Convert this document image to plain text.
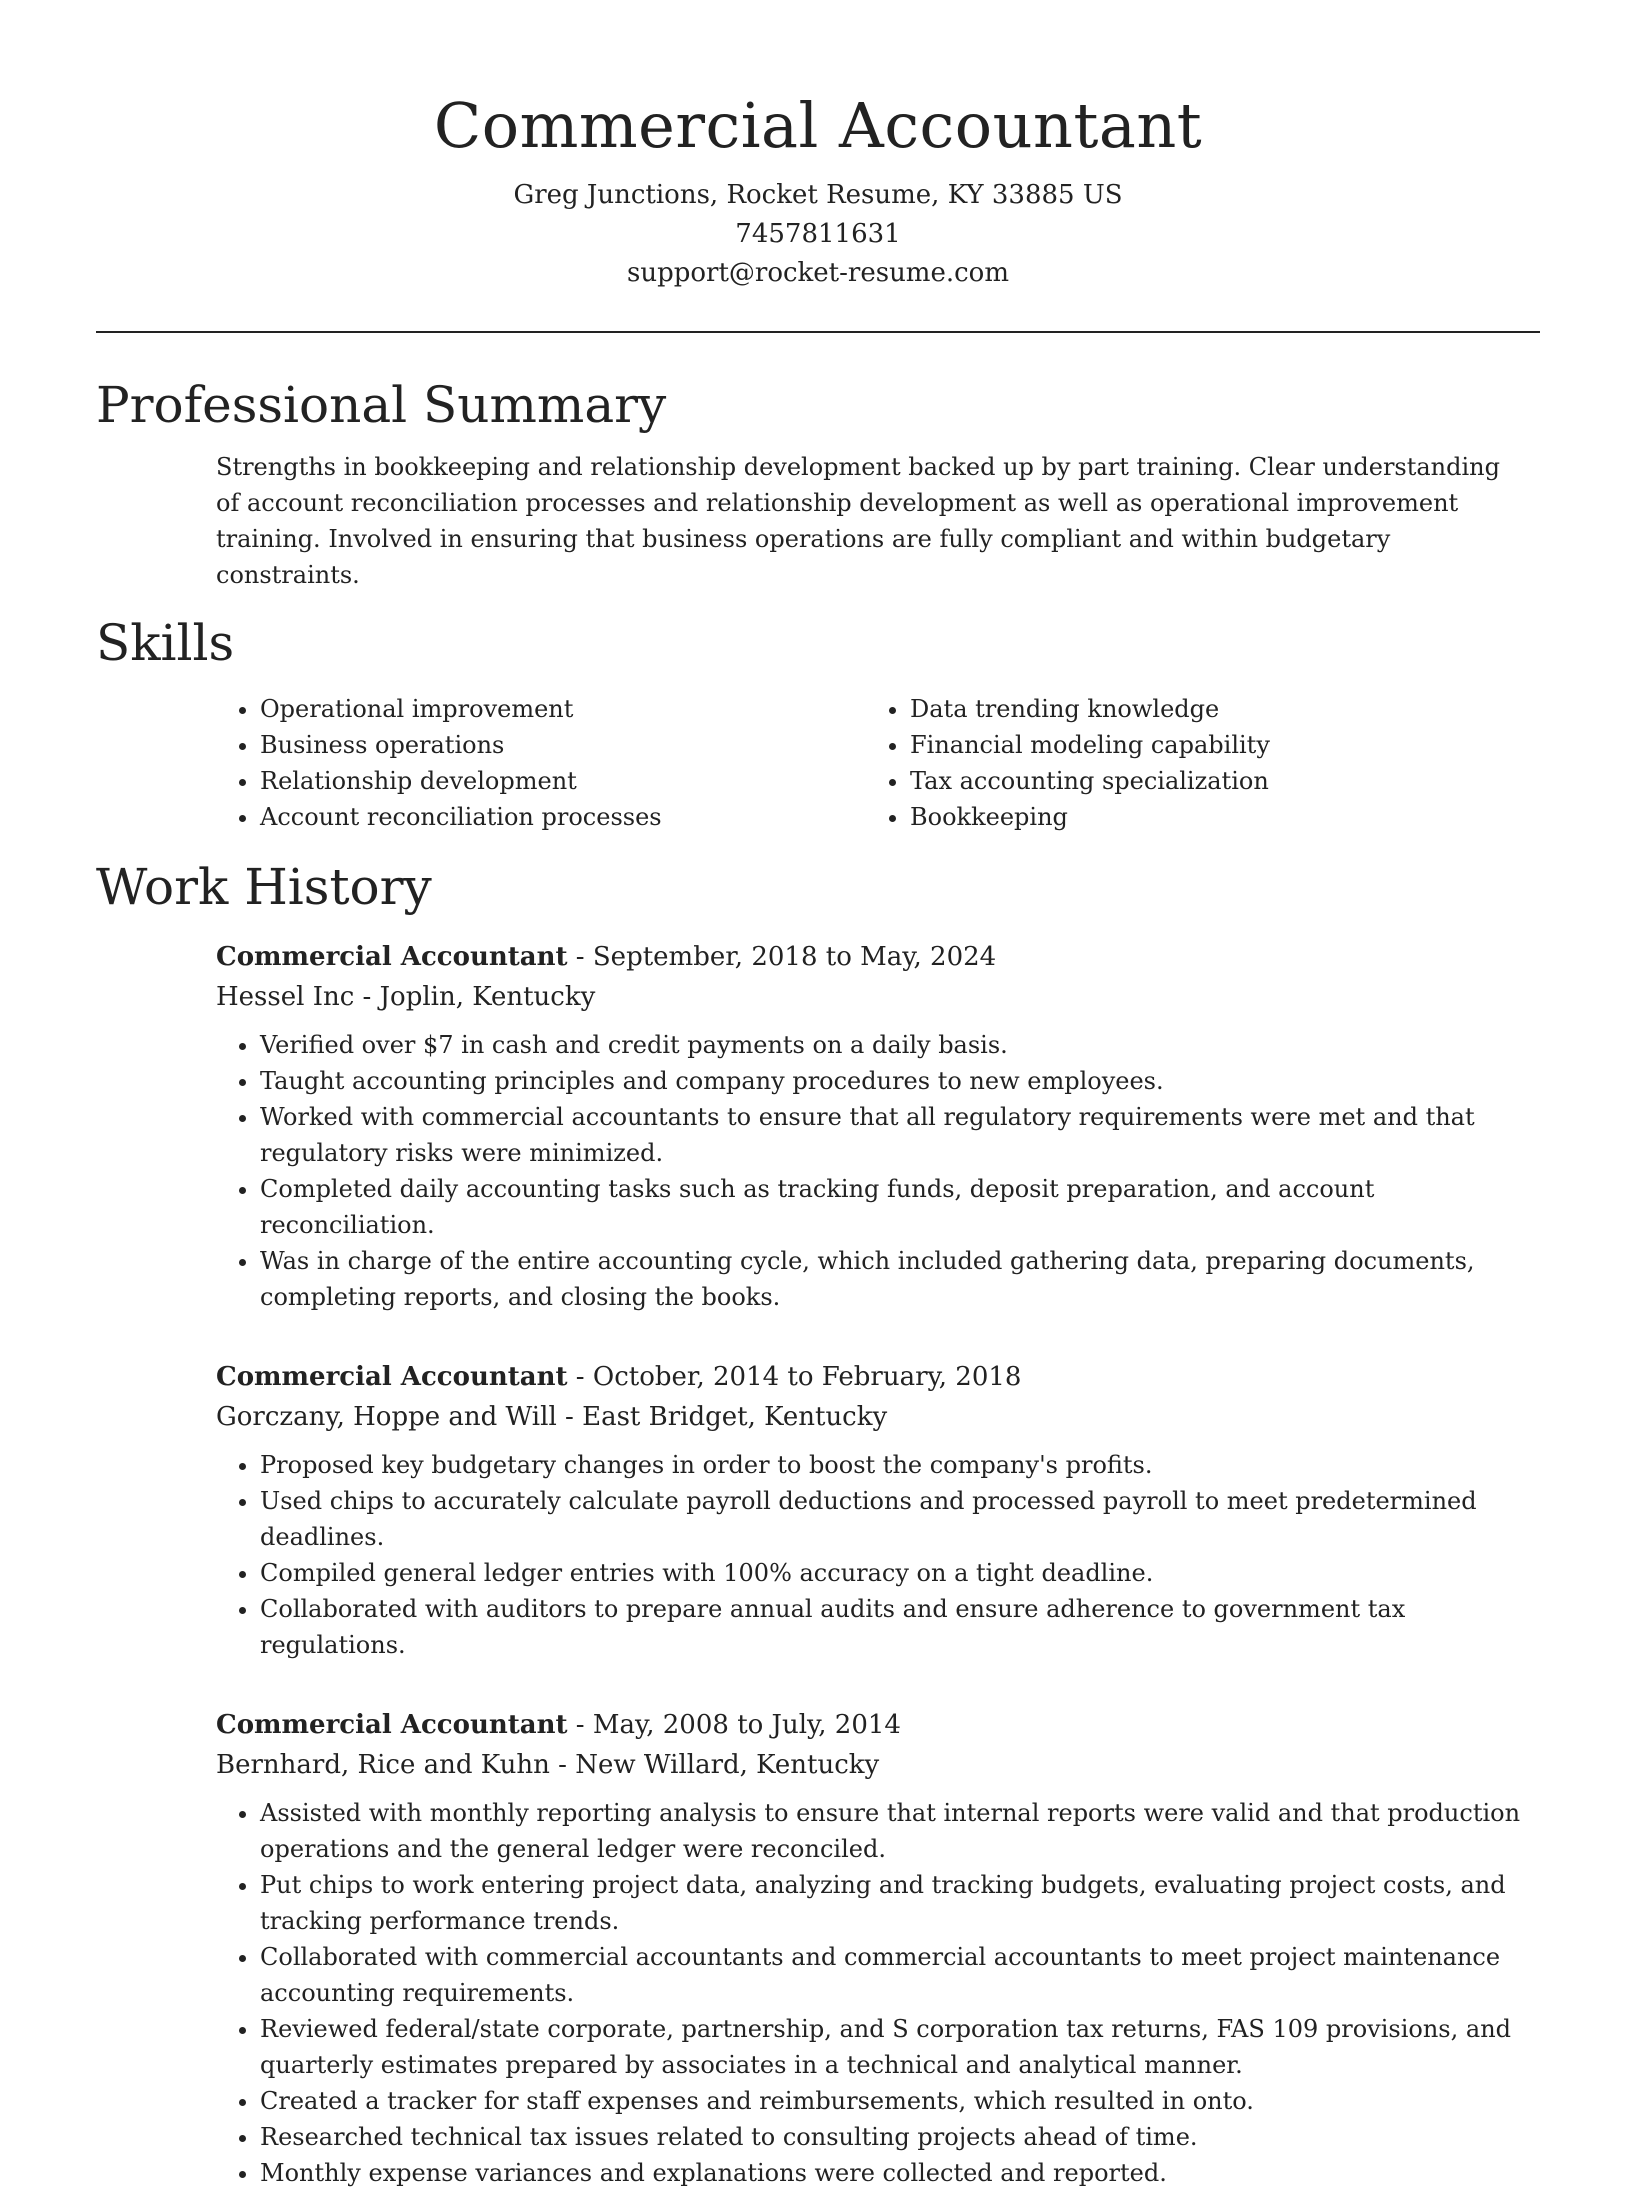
Commercial Accountant
Greg Junctions, Rocket Resume, KY 33885 US
7457811631
support@rocket-resume.com
Professional Summary

Strengths in bookkeeping and relationship development backed up by part training. Clear understanding of account reconciliation processes and relationship development as well as operational improvement training. Involved in ensuring that business operations are fully compliant and within budgetary constraints.

Skills
• Operational improvement
• Business operations
• Relationship development
• Account reconciliation processes
• Data trending knowledge
• Financial modeling capability
• Tax accounting specialization
• Bookkeeping
Work History
Commercial Accountant - September, 2018 to May, 2024
Hessel Inc - Joplin, Kentucky
• Verified over $7 in cash and credit payments on a daily basis.
• Taught accounting principles and company procedures to new employees.
• Worked with commercial accountants to ensure that all regulatory requirements were met and that regulatory risks were minimized.
• Completed daily accounting tasks such as tracking funds, deposit preparation, and account reconciliation.
• Was in charge of the entire accounting cycle, which included gathering data, preparing documents, completing reports, and closing the books.
Commercial Accountant - October, 2014 to February, 2018
Gorczany, Hoppe and Will - East Bridget, Kentucky
• Proposed key budgetary changes in order to boost the company's profits.
• Used chips to accurately calculate payroll deductions and processed payroll to meet predetermined deadlines.
• Compiled general ledger entries with 100% accuracy on a tight deadline.
• Collaborated with auditors to prepare annual audits and ensure adherence to government tax regulations.
Commercial Accountant - May, 2008 to July, 2014
Bernhard, Rice and Kuhn - New Willard, Kentucky
• Assisted with monthly reporting analysis to ensure that internal reports were valid and that production operations and the general ledger were reconciled.
• Put chips to work entering project data, analyzing and tracking budgets, evaluating project costs, and tracking performance trends.
• Collaborated with commercial accountants and commercial accountants to meet project maintenance accounting requirements.
• Reviewed federal/state corporate, partnership, and S corporation tax returns, FAS 109 provisions, and quarterly estimates prepared by associates in a technical and analytical manner.
• Created a tracker for staff expenses and reimbursements, which resulted in onto.
• Researched technical tax issues related to consulting projects ahead of time.
• Monthly expense variances and explanations were collected and reported.
